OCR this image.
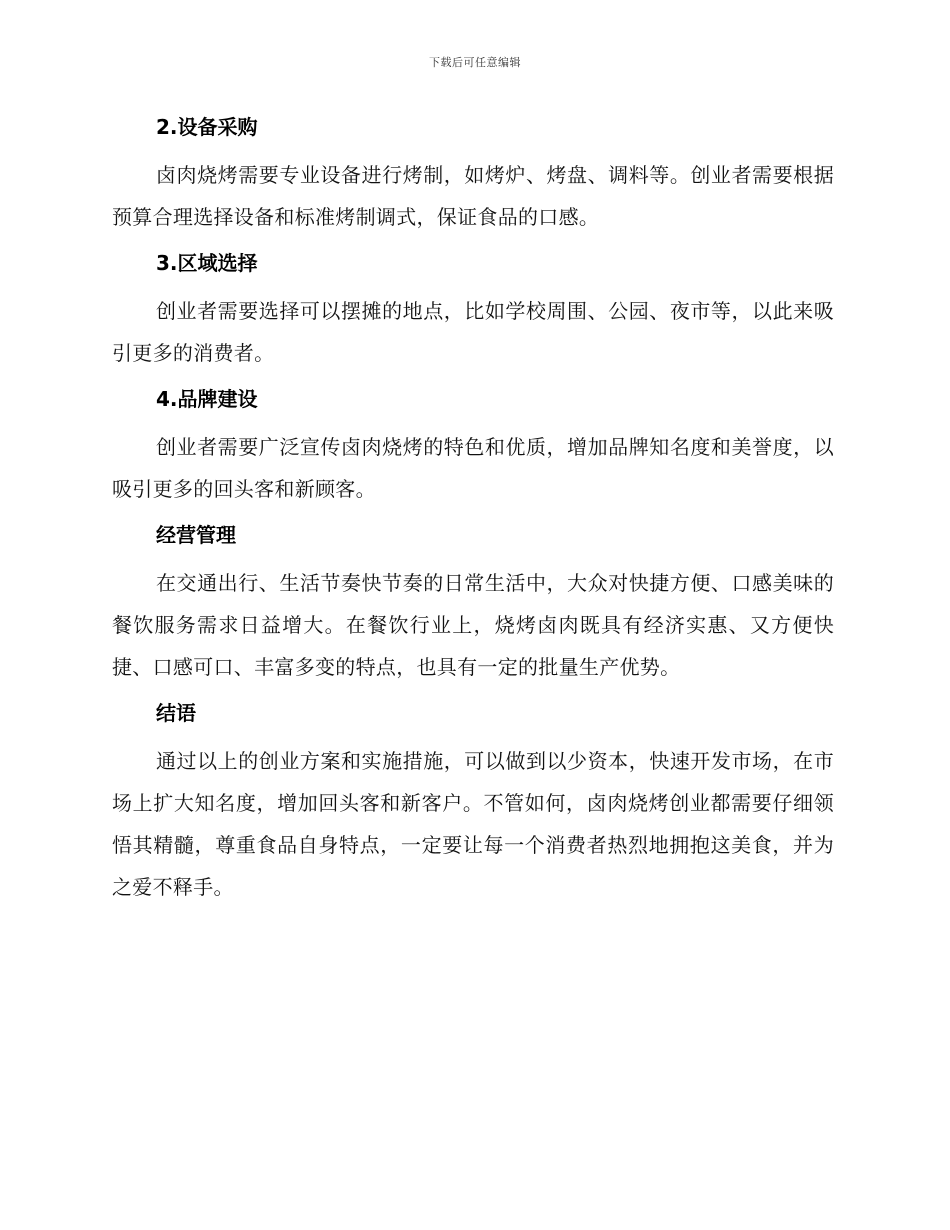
下载后可任意编辑
2.设备采购

卤肉烧烤需要专业设备进行烤制，如烤炉、烤盘、调料等。创业者需要根据预算合理选择设备和标准烤制调式，保证食品的口感。

3.区域选择

创业者需要选择可以摆摊的地点，比如学校周围、公园、夜市等，以此来吸引更多的消费者。

4.品牌建设

创业者需要广泛宣传卤肉烧烤的特色和优质，增加品牌知名度和美誉度，以吸引更多的回头客和新顾客。

经营管理

在交通出行、生活节奏快节奏的日常生活中，大众对快捷方便、口感美味的餐饮服务需求日益增大。在餐饮行业上，烧烤卤肉既具有经济实惠、又方便快捷、口感可口、丰富多变的特点，也具有一定的批量生产优势。

结语

通过以上的创业方案和实施措施，可以做到以少资本，快速开发市场，在市场上扩大知名度，增加回头客和新客户。不管如何，卤肉烧烤创业都需要仔细领悟其精髓，尊重食品自身特点，一定要让每一个消费者热烈地拥抱这美食，并为之爱不释手。
